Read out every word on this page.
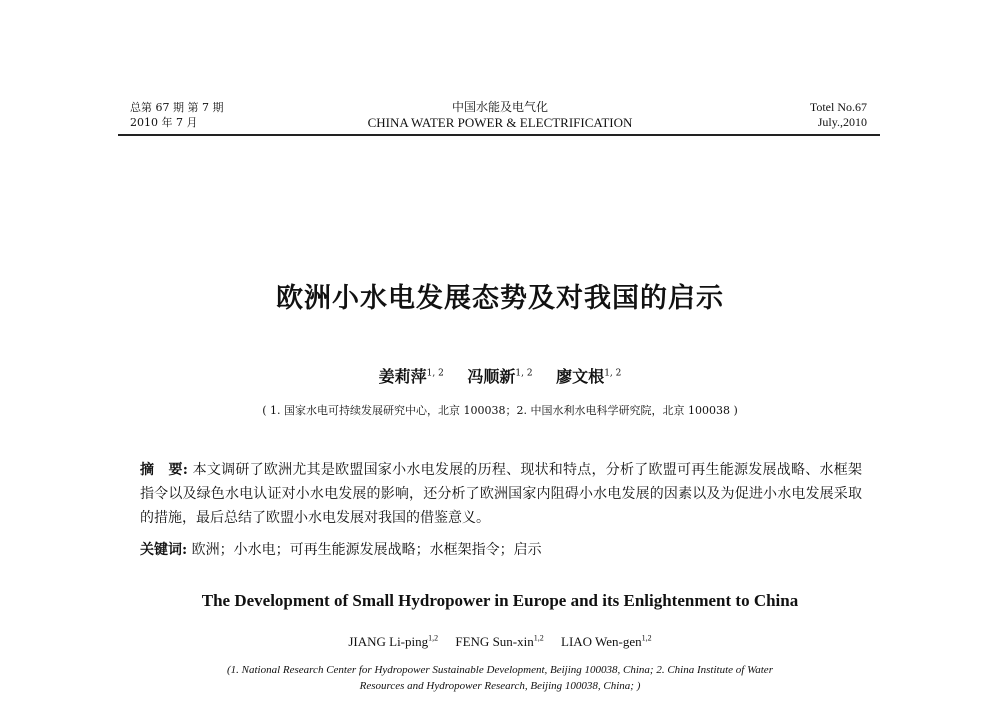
总第 67 期 第 7 期
2010 年 7 月
中国水能及电气化
CHINA WATER POWER & ELECTRIFICATION
Totel No.67
July.,2010
欧洲小水电发展态势及对我国的启示
姜莉萍$^{1, 2}$ 冯顺新$^{1, 2}$ 廖文根$^{1, 2}$
( 1. 国家水电可持续发展研究中心，北京 100038；2. 中国水利水电科学研究院，北京 100038 )
摘　要: 本文调研了欧洲尤其是欧盟国家小水电发展的历程、现状和特点，分析了欧盟可再生能源发展战略、水框架指令以及绿色水电认证对小水电发展的影响，还分析了欧洲国家内阻碍小水电发展的因素以及为促进小水电发展采取的措施，最后总结了欧盟小水电发展对我国的借鉴意义。
关键词: 欧洲；小水电；可再生能源发展战略；水框架指令；启示
The Development of Small Hydropower in Europe and its Enlightenment to China
JIANG Li-ping$^{1,2}$ FENG Sun-xin$^{1,2}$ LIAO Wen-gen$^{1,2}$
(1. National Research Center for Hydropower Sustainable Development, Beijing 100038, China; 2. China Institute of Water
Resources and Hydropower Research, Beijing 100038, China; )
